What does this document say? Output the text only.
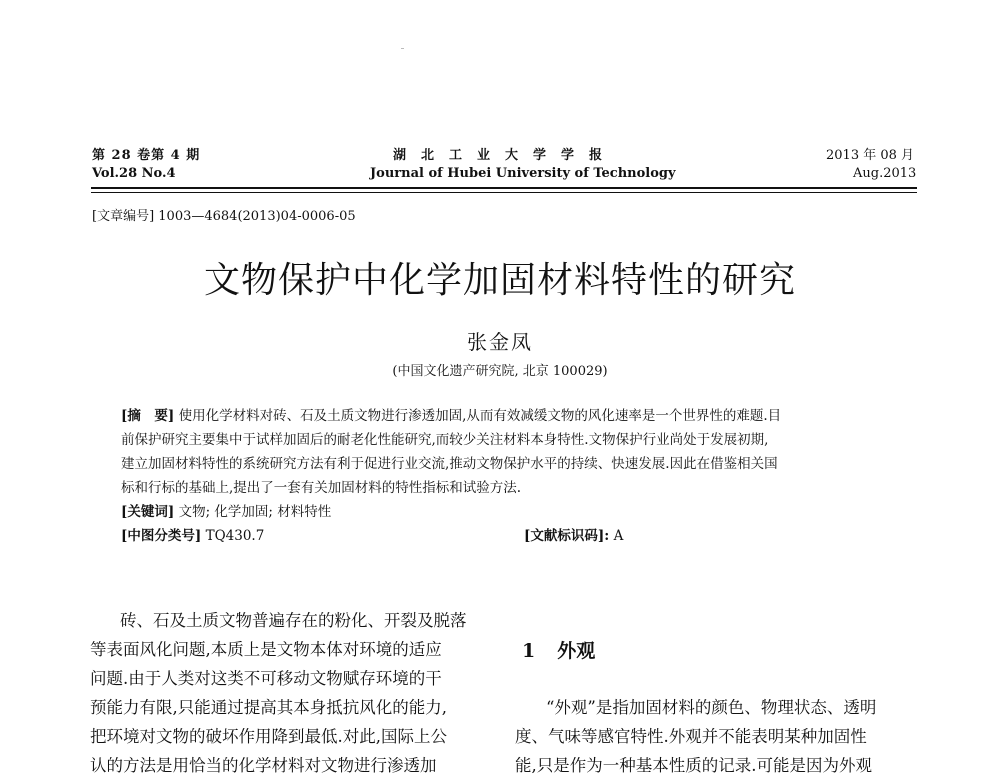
第 28 卷第 4 期
Vol.28 No.4
湖北工业大学学报
Journal of Hubei University of Technology
2013 年 08 月
Aug.2013
[文章编号] 1003—4684(2013)04-0006-05
文物保护中化学加固材料特性的研究
张金凤
(中国文化遗产研究院, 北京 100029)
[摘　要] 使用化学材料对砖、石及土质文物进行渗透加固,从而有效减缓文物的风化速率是一个世界性的难题.目
前保护研究主要集中于试样加固后的耐老化性能研究,而较少关注材料本身特性.文物保护行业尚处于发展初期,
建立加固材料特性的系统研究方法有利于促进行业交流,推动文物保护水平的持续、快速发展.因此在借鉴相关国
标和行标的基础上,提出了一套有关加固材料的特性指标和试验方法.
[关键词] 文物; 化学加固; 材料特性
[中图分类号] TQ430.7	[文献标识码]: A
砖、石及土质文物普遍存在的粉化、开裂及脱落
等表面风化问题,本质上是文物本体对环境的适应
问题.由于人类对这类不可移动文物赋存环境的干
预能力有限,只能通过提高其本身抵抗风化的能力,
把环境对文物的破坏作用降到最低.对此,国际上公
认的方法是用恰当的化学材料对文物进行渗透加
1 外观
“外观”是指加固材料的颜色、物理状态、透明
度、气味等感官特性.外观并不能表明某种加固性
能,只是作为一种基本性质的记录.可能是因为外观
